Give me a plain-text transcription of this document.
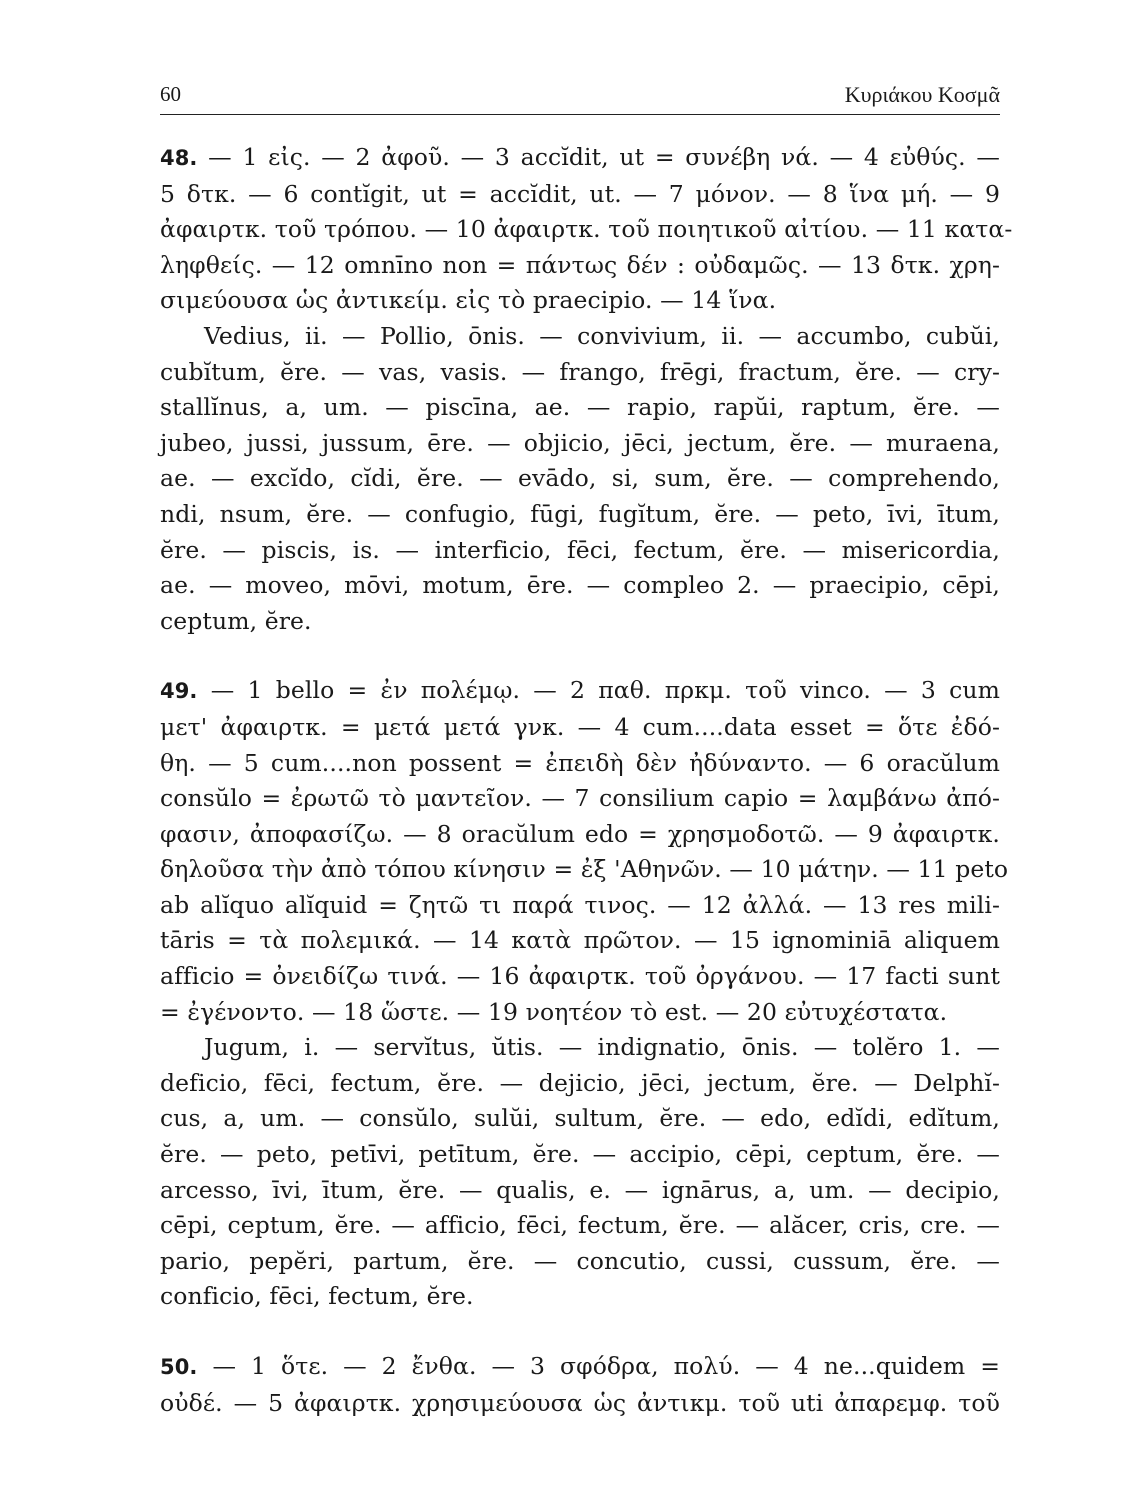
60	Κυριάκου Κοσμᾶ
48. — 1 εἰς. — 2 ἀφοῦ. — 3 accĭdit, ut = συνέβη νά. — 4 εὐθύς. —
5 δτκ. — 6 contĭgit, ut = accĭdit, ut. — 7 μόνον. — 8 ἵνα μή. — 9
ἀφαιρτκ. τοῦ τρόπου. — 10 ἀφαιρτκ. τοῦ ποιητικοῦ αἰτίου. — 11 κατα-
ληφθείς. — 12 omnīno non = πάντως δέν : οὐδαμῶς. — 13 δτκ. χρη-
σιμεύουσα ὡς ἀντικείμ. εἰς τὸ praecipio. — 14 ἵνα.
Vedius, ii. — Pollio, ōnis. — convivium, ii. — accumbo, cubŭi,
cubĭtum, ĕre. — vas, vasis. — frango, frēgi, fractum, ĕre. — cry-
stallĭnus, a, um. — piscīna, ae. — rapio, rapŭi, raptum, ĕre. —
jubeo, jussi, jussum, ēre. — objicio, jēci, jectum, ĕre. — muraena,
ae. — excĭdo, cĭdi, ĕre. — evādo, si, sum, ĕre. — comprehendo,
ndi, nsum, ĕre. — confugio, fūgi, fugĭtum, ĕre. — peto, īvi, ītum,
ĕre. — piscis, is. — interficio, fēci, fectum, ĕre. — misericordia,
ae. — moveo, mōvi, motum, ēre. — compleo 2. — praecipio, cēpi,
ceptum, ĕre.
49. — 1 bello = ἐν πολέμῳ. — 2 παθ. πρκμ. τοῦ vinco. — 3 cum
μετ' ἀφαιρτκ. = μετά μετά γνκ. — 4 cum....data esset = ὅτε ἐδό-
θη. — 5 cum....non possent = ἐπειδὴ δὲν ἠδύναντο. — 6 oracŭlum
consŭlo = ἐρωτῶ τὸ μαντεῖον. — 7 consilium capio = λαμβάνω ἀπό-
φασιν, ἀποφασίζω. — 8 oracŭlum edo = χρησμοδοτῶ. — 9 ἀφαιρτκ.
δηλοῦσα τὴν ἀπὸ τόπου κίνησιν = ἐξ 'Αθηνῶν. — 10 μάτην. — 11 peto
ab alĭquo alĭquid = ζητῶ τι παρά τινος. — 12 ἀλλά. — 13 res mili-
tāris = τὰ πολεμικά. — 14 κατὰ πρῶτον. — 15 ignominiā aliquem
afficio = ὀνειδίζω τινά. — 16 ἀφαιρτκ. τοῦ ὀργάνου. — 17 facti sunt
= ἐγένοντο. — 18 ὥστε. — 19 νοητέον τὸ est. — 20 εὐτυχέστατα.
Jugum, i. — servĭtus, ŭtis. — indignatio, ōnis. — tolĕro 1. —
deficio, fēci, fectum, ĕre. — dejicio, jēci, jectum, ĕre. — Delphĭ-
cus, a, um. — consŭlo, sulŭi, sultum, ĕre. — edo, edĭdi, edĭtum,
ĕre. — peto, petīvi, petītum, ĕre. — accipio, cēpi, ceptum, ĕre. —
arcesso, īvi, ītum, ĕre. — qualis, e. — ignārus, a, um. — decipio,
cēpi, ceptum, ĕre. — afficio, fēci, fectum, ĕre. — alăcer, cris, cre. —
pario, pepĕri, partum, ĕre. — concutio, cussi, cussum, ĕre. —
conficio, fēci, fectum, ĕre.
50. — 1 ὅτε. — 2 ἔνθα. — 3 σφόδρα, πολύ. — 4 ne...quidem =
οὐδέ. — 5 ἀφαιρτκ. χρησιμεύουσα ὡς ἀντικμ. τοῦ uti ἀπαρεμφ. τοῦ
